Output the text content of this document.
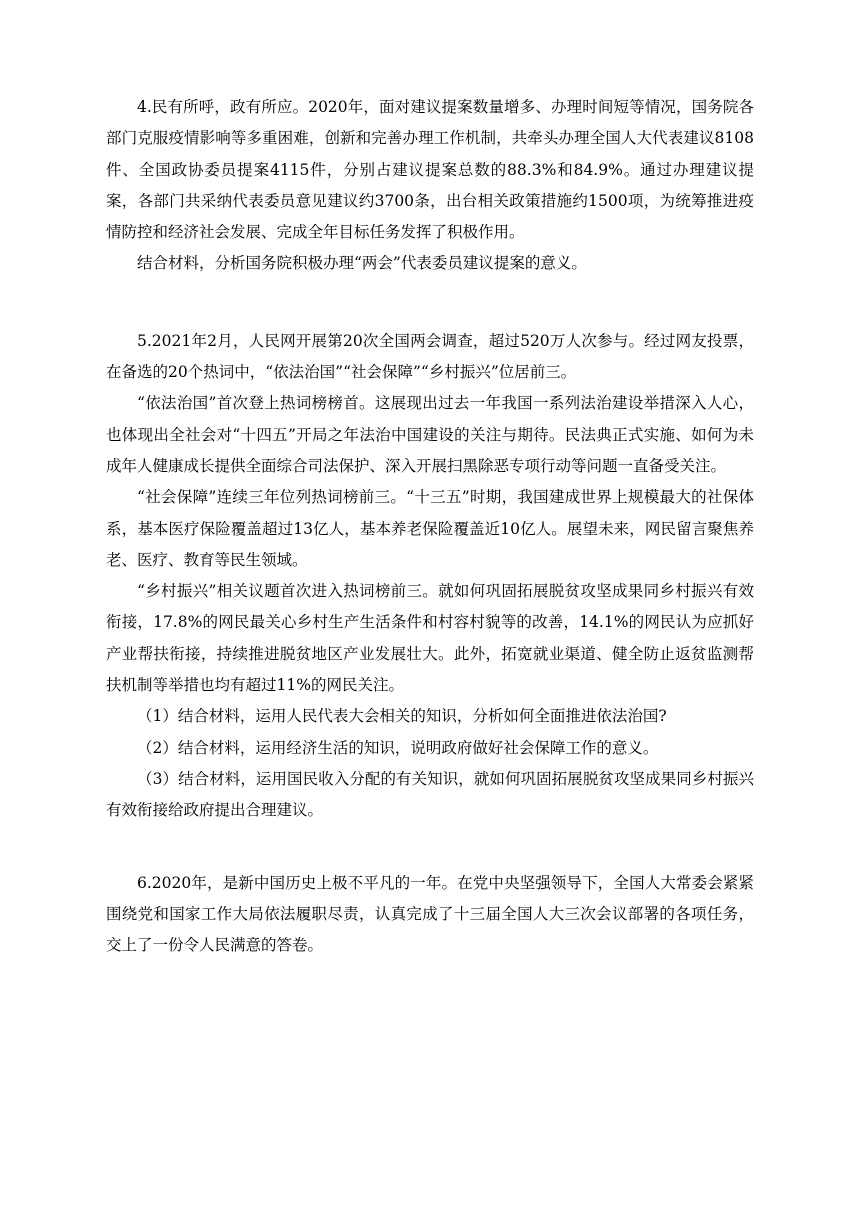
4.民有所呼，政有所应。2020年，面对建议提案数量增多、办理时间短等情况，国务院各部门克服疫情影响等多重困难，创新和完善办理工作机制，共牵头办理全国人大代表建议8108件、全国政协委员提案4115件，分别占建议提案总数的88.3%和84.9%。通过办理建议提案，各部门共采纳代表委员意见建议约3700条，出台相关政策措施约1500项，为统筹推进疫情防控和经济社会发展、完成全年目标任务发挥了积极作用。

结合材料，分析国务院积极办理“两会”代表委员建议提案的意义。

5.2021年2月，人民网开展第20次全国两会调查，超过520万人次参与。经过网友投票，在备选的20个热词中，“依法治国”“社会保障”“乡村振兴”位居前三。

“依法治国”首次登上热词榜榜首。这展现出过去一年我国一系列法治建设举措深入人心，也体现出全社会对“十四五”开局之年法治中国建设的关注与期待。民法典正式实施、如何为未成年人健康成长提供全面综合司法保护、深入开展扫黑除恶专项行动等问题一直备受关注。

“社会保障”连续三年位列热词榜前三。“十三五”时期，我国建成世界上规模最大的社保体系，基本医疗保险覆盖超过13亿人，基本养老保险覆盖近10亿人。展望未来，网民留言聚焦养老、医疗、教育等民生领域。

“乡村振兴”相关议题首次进入热词榜前三。就如何巩固拓展脱贫攻坚成果同乡村振兴有效衔接，17.8%的网民最关心乡村生产生活条件和村容村貌等的改善，14.1%的网民认为应抓好产业帮扶衔接，持续推进脱贫地区产业发展壮大。此外，拓宽就业渠道、健全防止返贫监测帮扶机制等举措也均有超过11%的网民关注。

（1）结合材料，运用人民代表大会相关的知识，分析如何全面推进依法治国?

（2）结合材料，运用经济生活的知识，说明政府做好社会保障工作的意义。

（3）结合材料，运用国民收入分配的有关知识，就如何巩固拓展脱贫攻坚成果同乡村振兴有效衔接给政府提出合理建议。

6.2020年，是新中国历史上极不平凡的一年。在党中央坚强领导下，全国人大常委会紧紧围绕党和国家工作大局依法履职尽责，认真完成了十三届全国人大三次会议部署的各项任务，交上了一份令人民满意的答卷。
